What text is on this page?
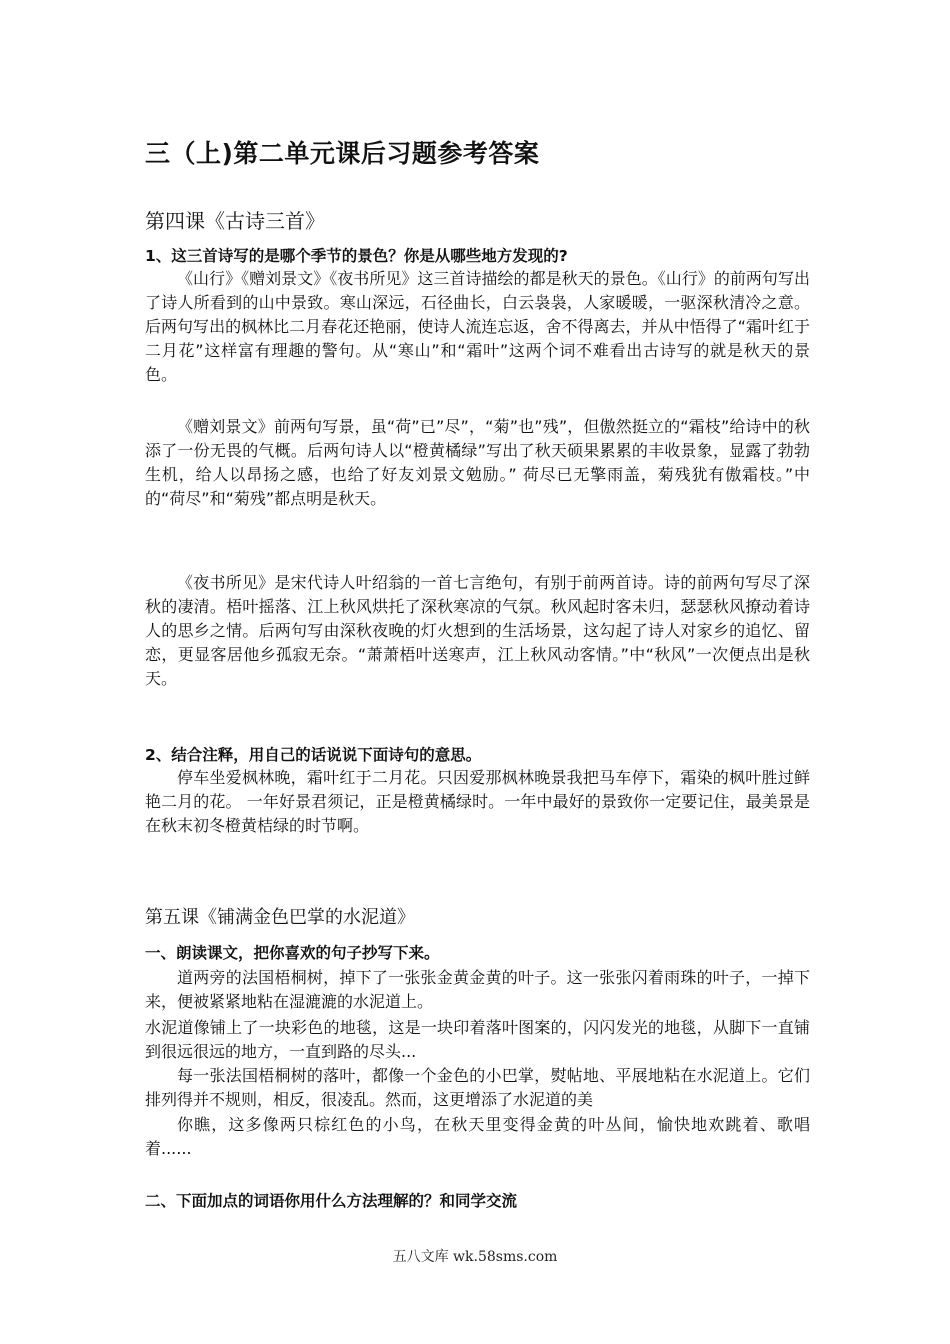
三（上)第二单元课后习题参考答案
第四课《古诗三首》
1、这三首诗写的是哪个季节的景色？你是从哪些地方发现的?

《山行》《赠刘景文》《夜书所见》这三首诗描绘的都是秋天的景色。《山行》的前两句写出了诗人所看到的山中景致。寒山深远，石径曲长，白云袅袅，人家暖暖，一驱深秋清冷之意。后两句写出的枫林比二月春花还艳丽，使诗人流连忘返，舍不得离去，并从中悟得了“霜叶红于二月花”这样富有理趣的警句。从“寒山”和“霜叶”这两个词不难看出古诗写的就是秋天的景色。

《赠刘景文》前两句写景，虽“荷”已”尽”，“菊”也”残”，但傲然挺立的“霜枝”给诗中的秋添了一份无畏的气概。后两句诗人以“橙黄橘绿”写出了秋天硕果累累的丰收景象，显露了勃勃生机，给人以昂扬之感，也给了好友刘景文勉励。” 荷尽已无擎雨盖，菊残犹有傲霜枝。”中的“荷尽”和“菊残”都点明是秋天。

《夜书所见》是宋代诗人叶绍翁的一首七言绝句，有别于前两首诗。诗的前两句写尽了深秋的凄清。梧叶摇落、江上秋风烘托了深秋寒凉的气氛。秋风起时客未归，瑟瑟秋风撩动着诗人的思乡之情。后两句写由深秋夜晚的灯火想到的生活场景，这勾起了诗人对家乡的追忆、留恋，更显客居他乡孤寂无奈。“萧萧梧叶送寒声，江上秋风动客情。”中“秋风”一次便点出是秋天。

2、结合注释，用自己的话说说下面诗句的意思。

停车坐爱枫林晚，霜叶红于二月花。只因爱那枫林晚景我把马车停下，霜染的枫叶胜过鲜艳二月的花。 一年好景君须记，正是橙黄橘绿时。一年中最好的景致你一定要记住，最美景是在秋末初冬橙黄桔绿的时节啊。

第五课《铺满金色巴掌的水泥道》
一、朗读课文，把你喜欢的句子抄写下来。

道两旁的法国梧桐树，掉下了一张张金黄金黄的叶子。这一张张闪着雨珠的叶子，一掉下来，便被紧紧地粘在湿漉漉的水泥道上。

水泥道像铺上了一块彩色的地毯，这是一块印着落叶图案的，闪闪发光的地毯，从脚下一直铺到很远很远的地方，一直到路的尽头...

每一张法国梧桐树的落叶，都像一个金色的小巴掌，熨帖地、平展地粘在水泥道上。它们排列得并不规则，相反，很凌乱。然而，这更增添了水泥道的美

你瞧，这多像两只棕红色的小鸟，在秋天里变得金黄的叶丛间，愉快地欢跳着、歌唱着......

二、下面加点的词语你用什么方法理解的？和同学交流
五八文库 wk.58sms.com
